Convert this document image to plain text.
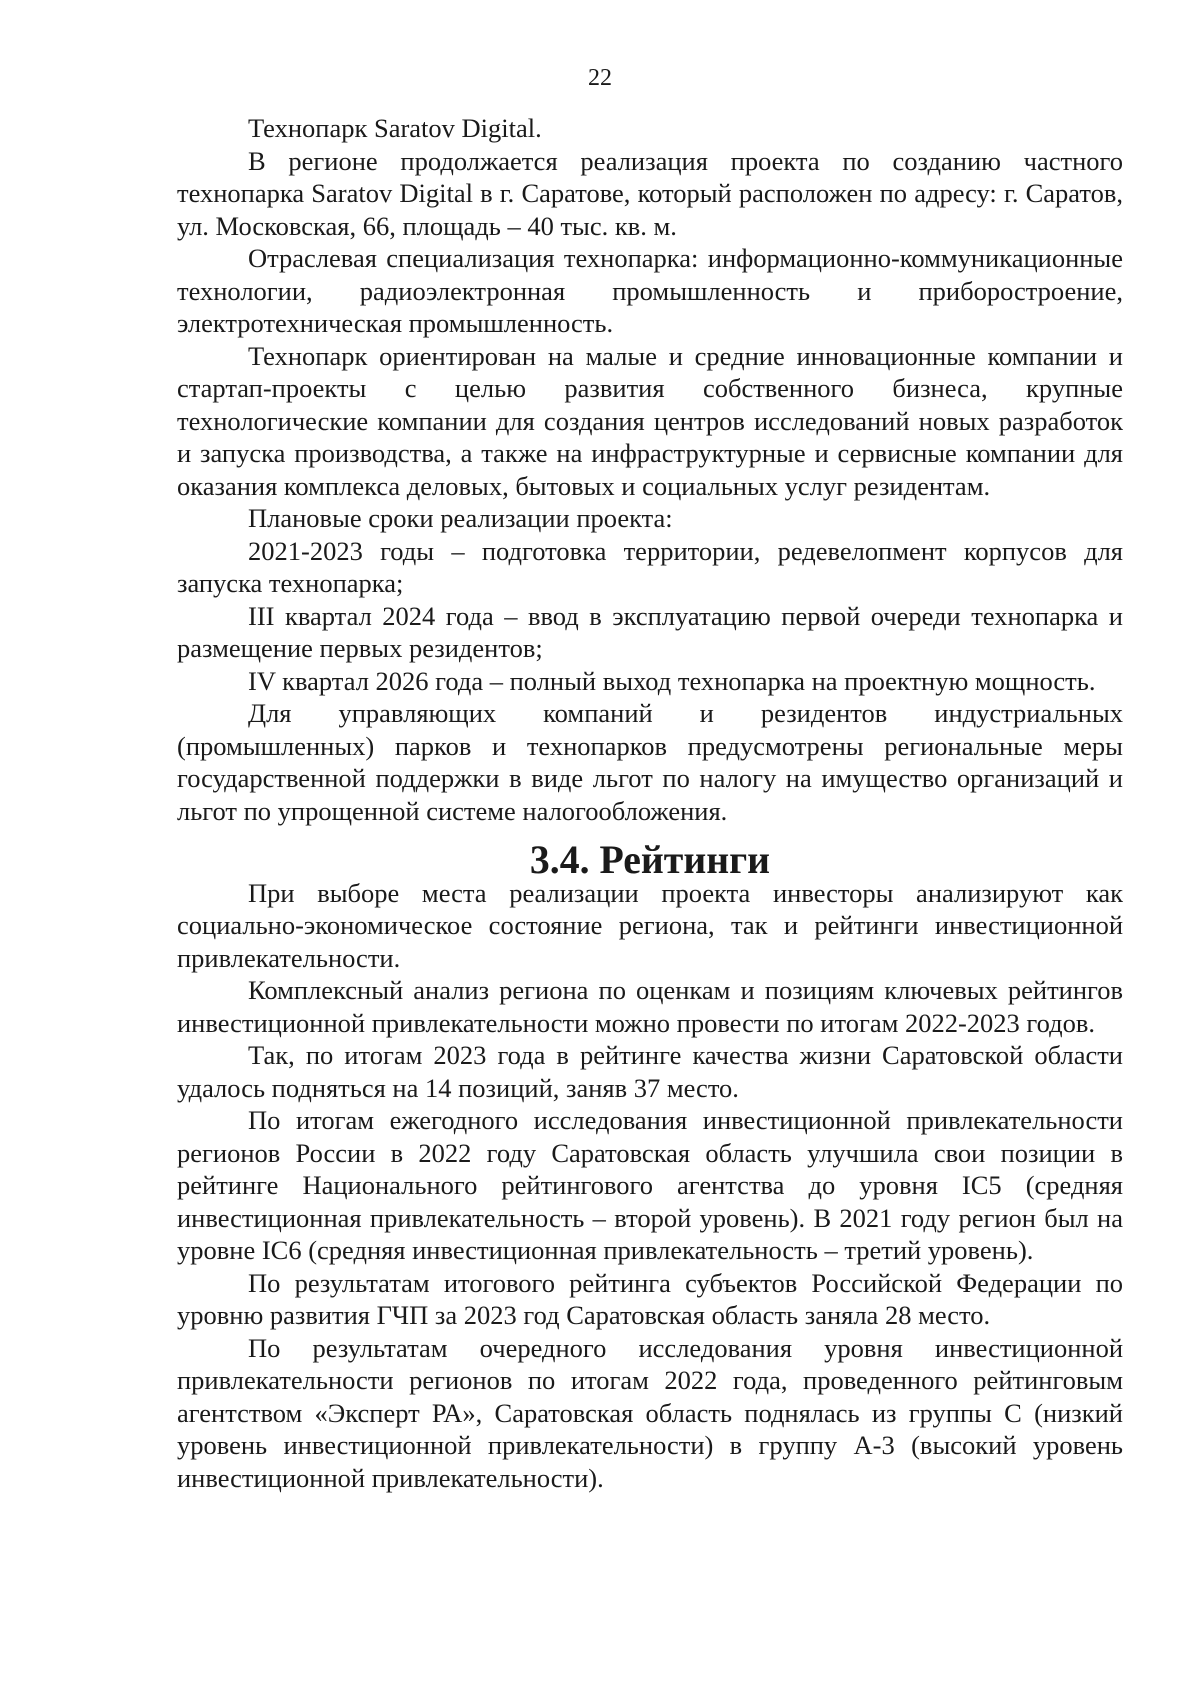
22

Технопарк Saratov Digital.

В регионе продолжается реализация проекта по созданию частного технопарка Saratov Digital в г. Саратове, который расположен по адресу: г. Саратов, ул. Московская, 66, площадь – 40 тыс. кв. м.

Отраслевая специализация технопарка: информационно-коммуникационные технологии, радиоэлектронная промышленность и приборостроение, электротехническая промышленность.

Технопарк ориентирован на малые и средние инновационные компании и стартап-проекты с целью развития собственного бизнеса, крупные технологические компании для создания центров исследований новых разработок и запуска производства, а также на инфраструктурные и сервисные компании для оказания комплекса деловых, бытовых и социальных услуг резидентам.

Плановые сроки реализации проекта:

2021-2023 годы – подготовка территории, редевелопмент корпусов для запуска технопарка;

III квартал 2024 года – ввод в эксплуатацию первой очереди технопарка и размещение первых резидентов;

IV квартал 2026 года – полный выход технопарка на проектную мощность.

Для управляющих компаний и резидентов индустриальных (промышленных) парков и технопарков предусмотрены региональные меры государственной поддержки в виде льгот по налогу на имущество организаций и льгот по упрощенной системе налогообложения.

3.4. Рейтинги

При выборе места реализации проекта инвесторы анализируют как социально-экономическое состояние региона, так и рейтинги инвестиционной привлекательности.

Комплексный анализ региона по оценкам и позициям ключевых рейтингов инвестиционной привлекательности можно провести по итогам 2022-2023 годов.

Так, по итогам 2023 года в рейтинге качества жизни Саратовской области удалось подняться на 14 позиций, заняв 37 место.

По итогам ежегодного исследования инвестиционной привлекательности регионов России в 2022 году Саратовская область улучшила свои позиции в рейтинге Национального рейтингового агентства до уровня IC5 (средняя инвестиционная привлекательность – второй уровень). В 2021 году регион был на уровне IC6 (средняя инвестиционная привлекательность – третий уровень).

По результатам итогового рейтинга субъектов Российской Федерации по уровню развития ГЧП за 2023 год Саратовская область заняла 28 место.

По результатам очередного исследования уровня инвестиционной привлекательности регионов по итогам 2022 года, проведенного рейтинговым агентством «Эксперт РА», Саратовская область поднялась из группы С (низкий уровень инвестиционной привлекательности) в группу А-3 (высокий уровень инвестиционной привлекательности).
